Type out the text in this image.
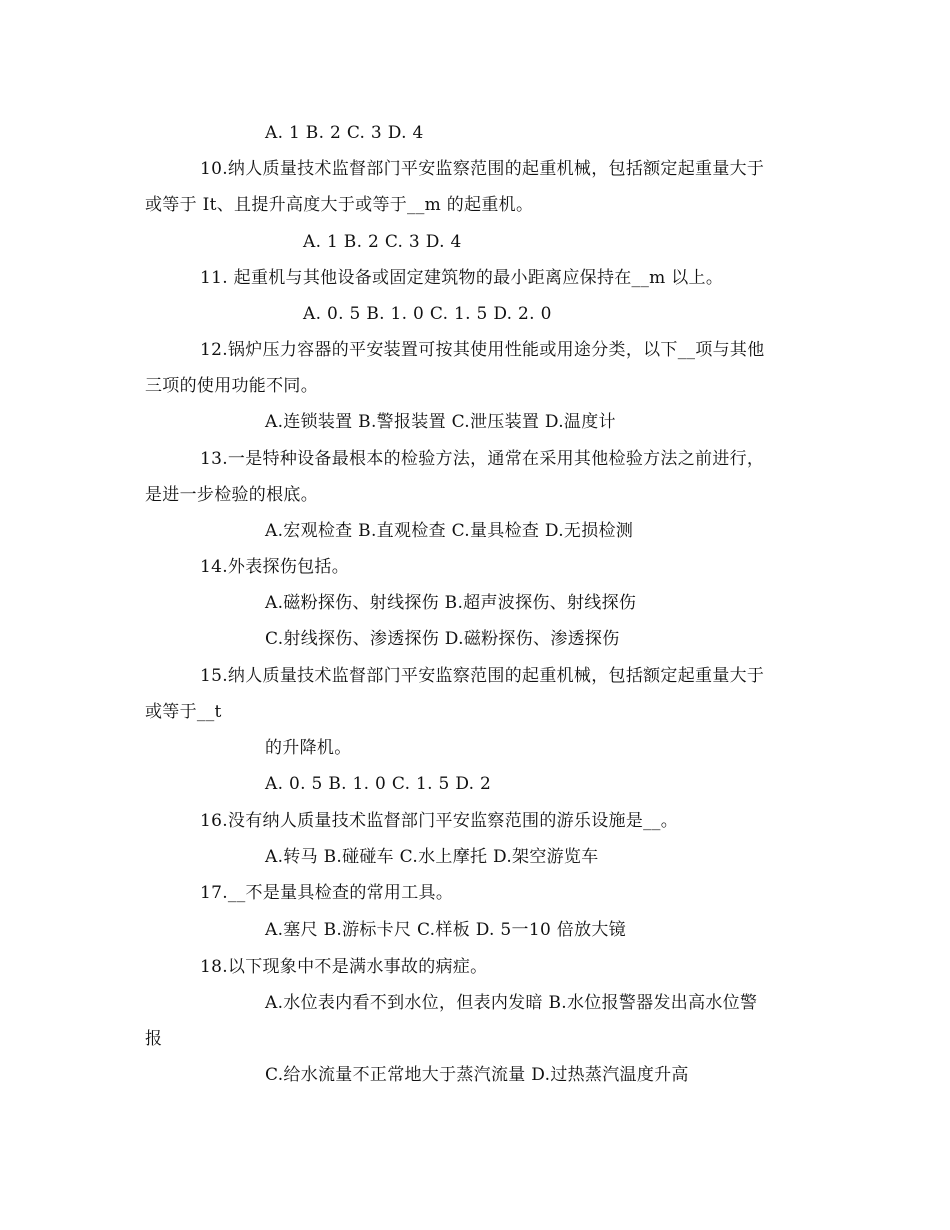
A. 1 B. 2 C. 3 D. 4
10.纳人质量技术监督部门平安监察范围的起重机械，包括额定起重量大于
或等于 It、且提升高度大于或等于__m 的起重机。
A. 1 B. 2 C. 3 D. 4
11. 起重机与其他设备或固定建筑物的最小距离应保持在__m 以上。
A. 0. 5 B. 1. 0 C. 1. 5 D. 2. 0
12.锅炉压力容器的平安装置可按其使用性能或用途分类，以下__项与其他
三项的使用功能不同。
A.连锁装置 B.警报装置 C.泄压装置 D.温度计
13.一是特种设备最根本的检验方法，通常在采用其他检验方法之前进行，
是进一步检验的根底。
A.宏观检查 B.直观检查 C.量具检查 D.无损检测
14.外表探伤包括。
A.磁粉探伤、射线探伤 B.超声波探伤、射线探伤
C.射线探伤、渗透探伤 D.磁粉探伤、渗透探伤
15.纳人质量技术监督部门平安监察范围的起重机械，包括额定起重量大于
或等于__t
的升降机。
A. 0. 5 B. 1. 0 C. 1. 5 D. 2
16.没有纳人质量技术监督部门平安监察范围的游乐设施是__。
A.转马 B.碰碰车 C.水上摩托 D.架空游览车
17.__不是量具检查的常用工具。
A.塞尺 B.游标卡尺 C.样板 D. 5一10 倍放大镜
18.以下现象中不是满水事故的病症。
A.水位表内看不到水位，但表内发暗 B.水位报警器发出高水位警
报
C.给水流量不正常地大于蒸汽流量 D.过热蒸汽温度升高
